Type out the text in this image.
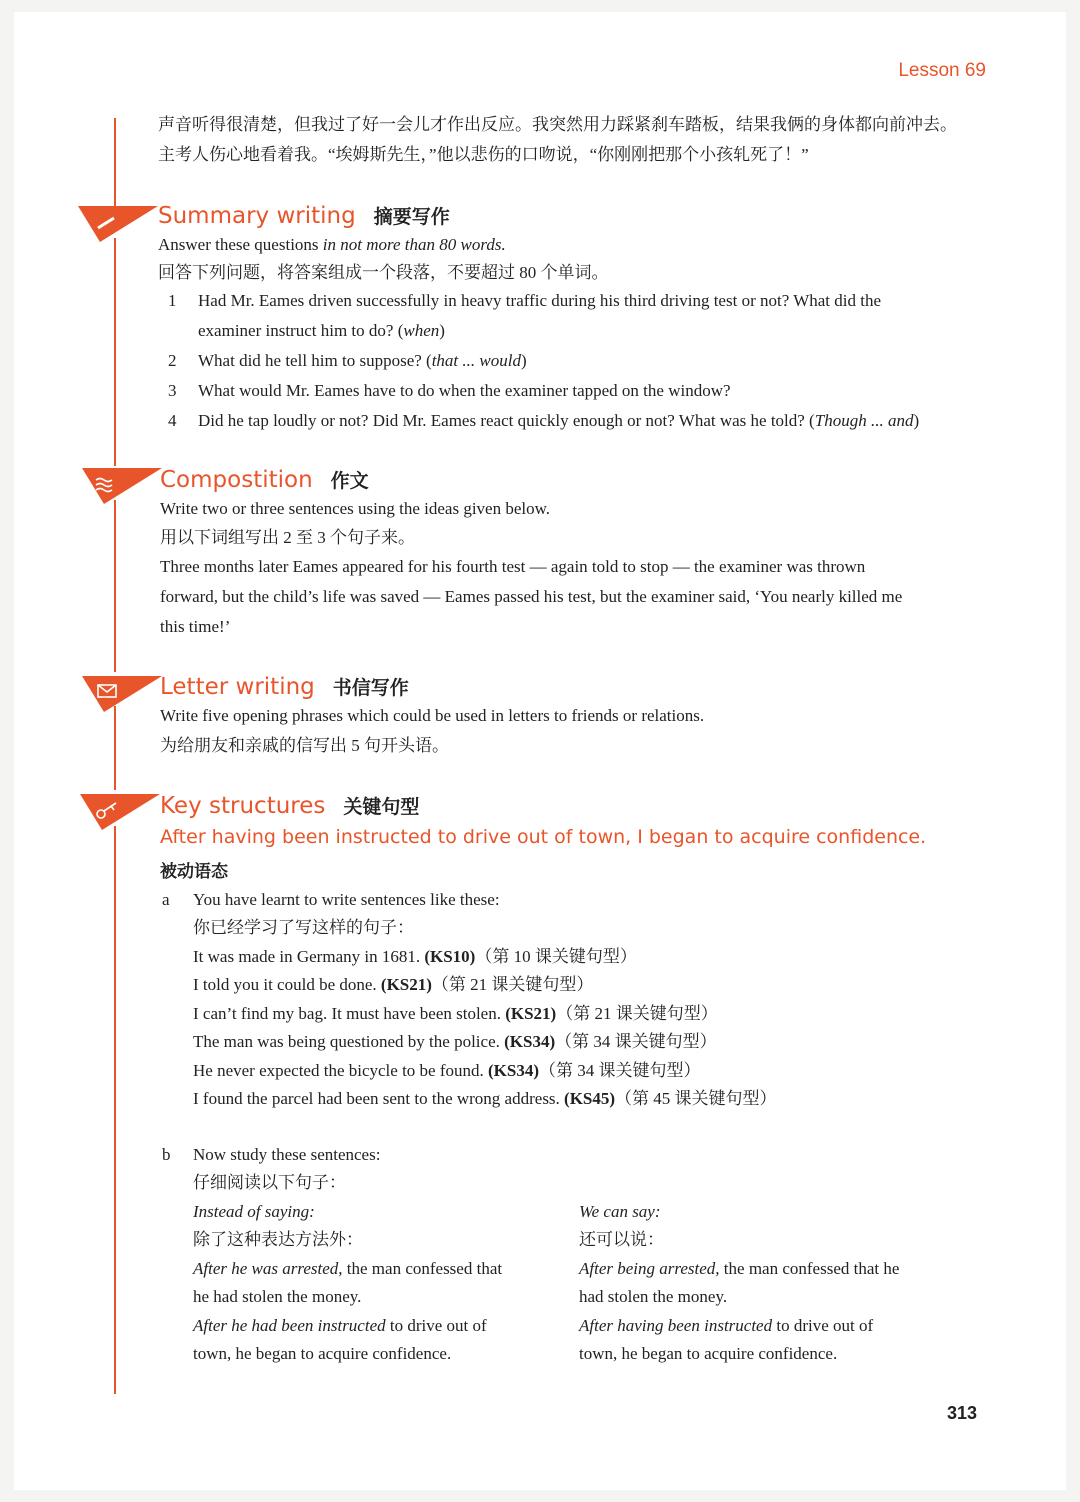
Lesson 69
声音听得很清楚，但我过了好一会儿才作出反应。我突然用力踩紧刹车踏板，结果我俩的身体都向前冲去。
主考人伤心地看着我。“埃姆斯先生，”他以悲伤的口吻说，“你刚刚把那个小孩轧死了！”
Summary writing 摘要写作
Answer these questions in not more than 80 words.
回答下列问题，将答案组成一个段落，不要超过 80 个单词。
1 Had Mr. Eames driven successfully in heavy traffic during his third driving test or not? What did the
examiner instruct him to do? (when)
2 What did he tell him to suppose? (that ... would)
3 What would Mr. Eames have to do when the examiner tapped on the window?
4 Did he tap loudly or not? Did Mr. Eames react quickly enough or not? What was he told? (Though ... and)
Compostition 作文
Write two or three sentences using the ideas given below.
用以下词组写出 2 至 3 个句子来。
Three months later Eames appeared for his fourth test — again told to stop — the examiner was thrown
forward, but the child’s life was saved — Eames passed his test, but the examiner said, ‘You nearly killed me
this time!’
Letter writing 书信写作
Write five opening phrases which could be used in letters to friends or relations.
为给朋友和亲戚的信写出 5 句开头语。
Key structures 关键句型
After having been instructed to drive out of town, I began to acquire confidence.
被动语态
a You have learnt to write sentences like these:
你已经学习了写这样的句子：
It was made in Germany in 1681. (KS10)（第 10 课关键句型）
I told you it could be done. (KS21)（第 21 课关键句型）
I can’t find my bag. It must have been stolen. (KS21)（第 21 课关键句型）
The man was being questioned by the police. (KS34)（第 34 课关键句型）
He never expected the bicycle to be found. (KS34)（第 34 课关键句型）
I found the parcel had been sent to the wrong address. (KS45)（第 45 课关键句型）
b Now study these sentences:
仔细阅读以下句子：
Instead of saying:
除了这种表达方法外：
After he was arrested, the man confessed that
he had stolen the money.
After he had been instructed to drive out of
town, he began to acquire confidence.
We can say:
还可以说：
After being arrested, the man confessed that he
had stolen the money.
After having been instructed to drive out of
town, he began to acquire confidence.
313
